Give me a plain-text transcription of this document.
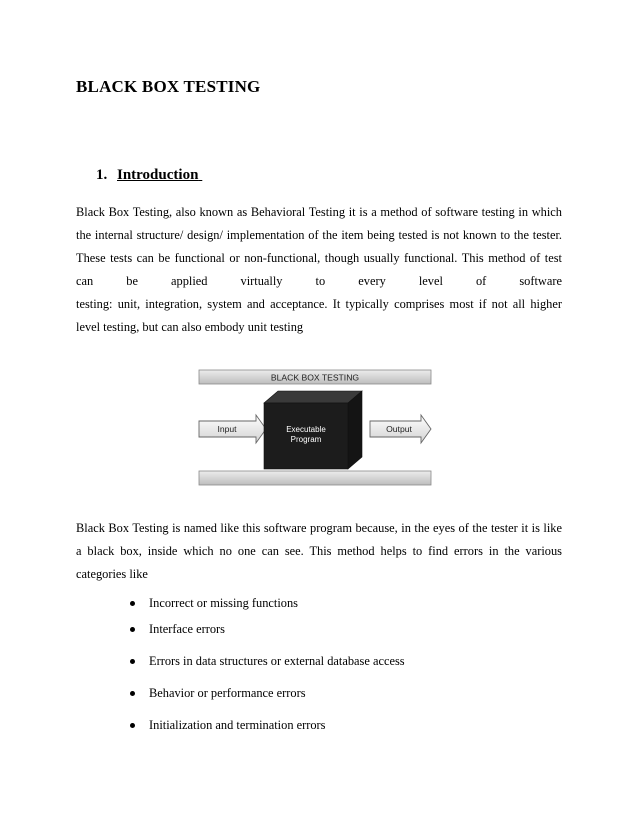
BLACK BOX TESTING
1. Introduction
Black Box Testing, also known as Behavioral Testing it is a method of software testing in which
the internal structure/ design/ implementation of the item being tested is not known to the tester.
These tests can be functional or non-functional, though usually functional. This method of test
can be applied virtually to every level of software
testing: unit, integration, system and acceptance. It typically comprises most if not all higher
level testing, but can also embody unit testing
BLACK BOX TESTING
Input	Output
Executable
Program
Black Box Testing is named like this software program because, in the eyes of the tester it is like
a black box, inside which no one can see. This method helps to find errors in the various
categories like
Incorrect or missing functions
Interface errors
Errors in data structures or external database access
Behavior or performance errors
Initialization and termination errors
